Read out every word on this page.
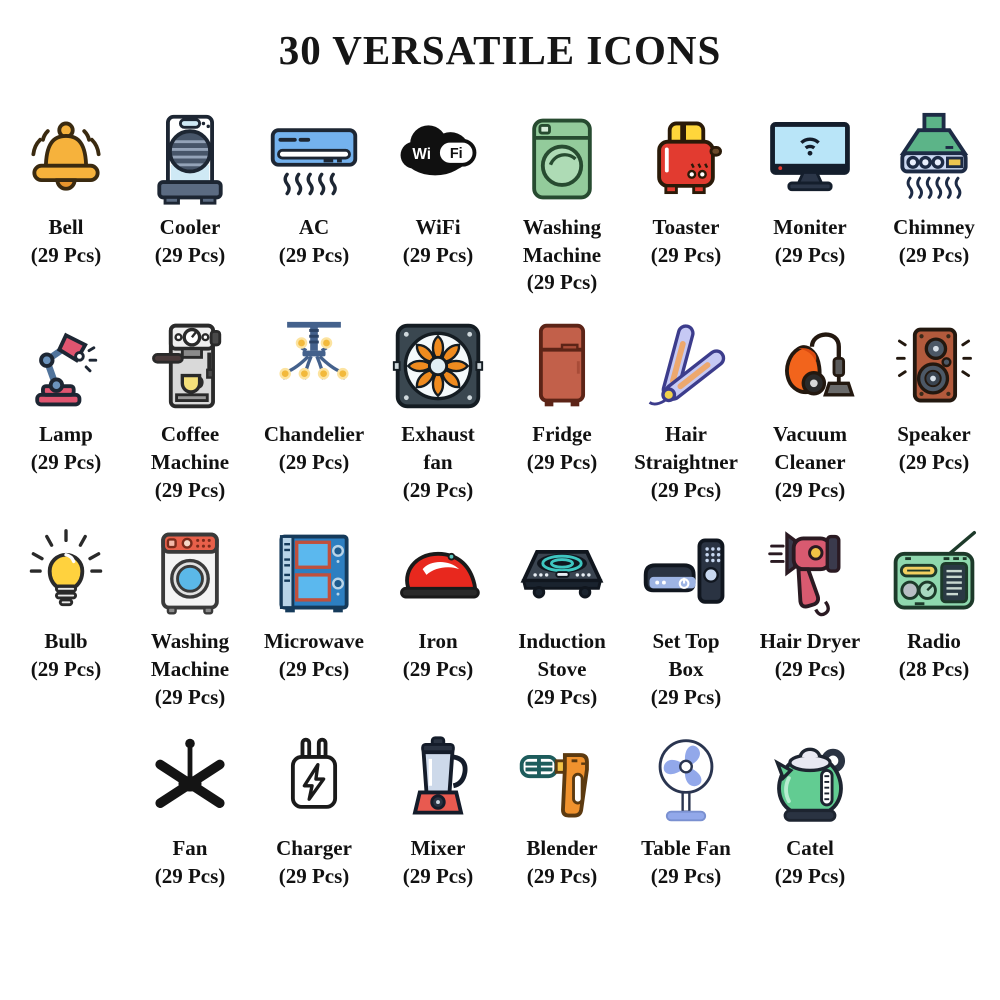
30 VERSATILE ICONS
Bell
(29 Pcs)
Cooler
(29 Pcs)
AC
(29 Pcs)
Wi Fi
WiFi
(29 Pcs)
Washing Machine
(29 Pcs)
Toaster
(29 Pcs)
Moniter
(29 Pcs)
Chimney
(29 Pcs)
Lamp
(29 Pcs)
Coffee Machine
(29 Pcs)
Chandelier
(29 Pcs)
Exhaust fan
(29 Pcs)
Fridge
(29 Pcs)
Hair Straightner
(29 Pcs)
Vacuum Cleaner
(29 Pcs)
Speaker
(29 Pcs)
Bulb
(29 Pcs)
Washing Machine
(29 Pcs)
Microwave
(29 Pcs)
Iron
(29 Pcs)
Induction Stove
(29 Pcs)
Set Top Box
(29 Pcs)
Hair Dryer
(29 Pcs)
Radio
(28 Pcs)
Fan
(29 Pcs)
Charger
(29 Pcs)
Mixer
(29 Pcs)
Blender
(29 Pcs)
Table Fan
(29 Pcs)
Catel
(29 Pcs)
